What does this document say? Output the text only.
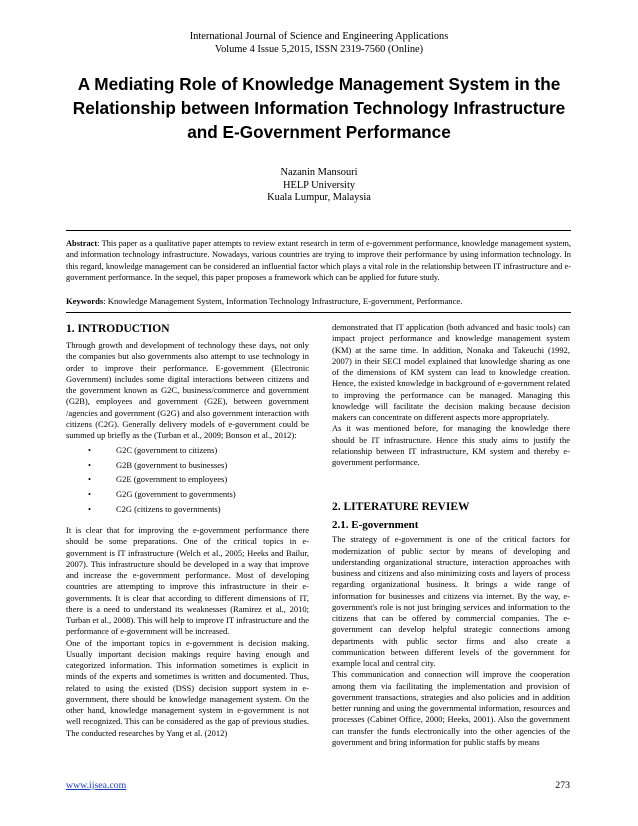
International Journal of Science and Engineering Applications
Volume 4 Issue 5,2015, ISSN 2319-7560 (Online)
A Mediating Role of Knowledge Management System in the Relationship between Information Technology Infrastructure and E-Government Performance
Nazanin Mansouri
HELP University
Kuala Lumpur, Malaysia

Abstract: This paper as a qualitative paper attempts to review extant research in term of e-government performance, knowledge management system, and information technology infrastructure. Nowadays, various countries are trying to improve their performance by using information technology. In this regard, knowledge management can be considered an influential factor which plays a vital role in the relationship between IT infrastructure and e-government performance. In the sequel, this paper proposes a framework which can be applied for future study.

Keywords: Knowledge Management System, Information Technology Infrastructure, E-government, Performance.

1. INTRODUCTION

Through growth and development of technology these days, not only the companies but also governments also attempt to use technology in order to improve their performance. E-government (Electronic Government) includes some digital interactions between citizens and the government known as G2C, business/commerce and government (G2B), employees and government (G2E), between government /agencies and government (G2G) and also government interaction with citizens (C2G). Generally delivery models of e-government could be summed up briefly as the (Turban et al., 2009; Bonson et al., 2012):

•	G2C (government to citizens)
•	G2B (government to businesses)
•	G2E (government to employees)
•	G2G (government to governments)
•	C2G (citizens to governments)

It is clear that for improving the e-government performance there should be some preparations. One of the critical topics in e-government is IT infrastructure (Welch et al., 2005; Heeks and Bailur, 2007). This infrastructure should be developed in a way that improve and increase the e-government performance. Most of developing countries are attempting to improve this infrastructure in their e-governments. It is clear that according to different dimensions of IT, there is a need to understand its weaknesses (Ramirez et al., 2010; Turban et al., 2008). This will help to improve IT infrastructure and the performance of e-government will be increased.

One of the important topics in e-government is decision making. Usually important decision makings require having enough and categorized information. This information sometimes is explicit in minds of the experts and sometimes is written and documented. Thus, related to using the existed (DSS) decision support system in e-government, there should be knowledge management system. On the other hand, knowledge management system in e-government is not well recognized. This can be considered as the gap of previous studies. The conducted researches by Yang et al. (2012)

demonstrated that IT application (both advanced and basic tools) can impact project performance and knowledge management system (KM) at the same time. In addition, Nonaka and Takeuchi (1992, 2007) in their SECI model explained that knowledge sharing as one of the dimensions of KM system can lead to knowledge creation. Hence, the existed knowledge in background of e-government related to improving the performance can be managed. Managing this knowledge will facilitate the decision making because decision makers can concentrate on different aspects more appropriately.

As it was mentioned before, for managing the knowledge there should be IT infrastructure. Hence this study aims to justify the relationship between IT infrastructure, KM system and thereby e-government performance.

2. LITERATURE REVIEW
2.1. E-government

The strategy of e-government is one of the critical factors for modernization of public sector by means of developing and understanding organizational structure, interaction approaches with business and citizens and also minimizing costs and layers of process regarding organizational business. It brings a wide range of information for businesses and citizens via internet. By the way, e-government's role is not just bringing services and information to the citizens that can be offered by commercial companies. The e-government can develop helpful strategic connections among departments with public sector firms and also create a communication between different levels of the government for example local and central city.

This communication and connection will improve the cooperation among them via facilitating the implementation and provision of government transactions, strategies and also policies and in addition better running and using the governmental information, resources and processes (Cabinet Office, 2000; Heeks, 2001). Also the government can transfer the funds electronically into the other agencies of the government and bring information for public staffs by means

www.ijsea.com	273
